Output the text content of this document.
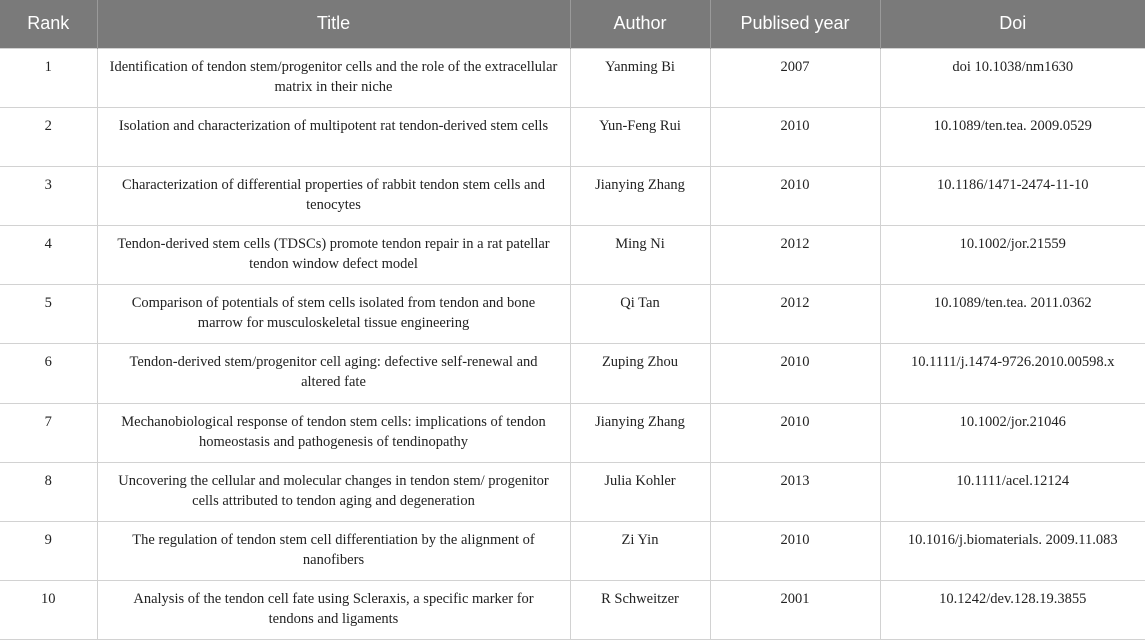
Rank	Title	Author	Publised year	Doi
1	Identification of tendon stem/progenitor cells and the role of the extracellular matrix in their niche	Yanming Bi	2007	doi 10.1038/nm1630
2	Isolation and characterization of multipotent rat tendon-derived stem cells	Yun-Feng Rui	2010	10.1089/ten.tea. 2009.0529
3	Characterization of differential properties of rabbit tendon stem cells and tenocytes	Jianying Zhang	2010	10.1186/1471-2474-11-10
4	Tendon-derived stem cells (TDSCs) promote tendon repair in a rat patellar tendon window defect model	Ming Ni	2012	10.1002/jor.21559
5	Comparison of potentials of stem cells isolated from tendon and bone marrow for musculoskeletal tissue engineering	Qi Tan	2012	10.1089/ten.tea. 2011.0362
6	Tendon-derived stem/progenitor cell aging: defective self-renewal and altered fate	Zuping Zhou	2010	10.1111/j.1474-9726.2010.00598.x
7	Mechanobiological response of tendon stem cells: implications of tendon homeostasis and pathogenesis of tendinopathy	Jianying Zhang	2010	10.1002/jor.21046
8	Uncovering the cellular and molecular changes in tendon stem/ progenitor cells attributed to tendon aging and degeneration	Julia Kohler	2013	10.1111/acel.12124
9	The regulation of tendon stem cell differentiation by the alignment of nanofibers	Zi Yin	2010	10.1016/j.biomaterials. 2009.11.083
10	Analysis of the tendon cell fate using Scleraxis, a specific marker for tendons and ligaments	R Schweitzer	2001	10.1242/dev.128.19.3855
